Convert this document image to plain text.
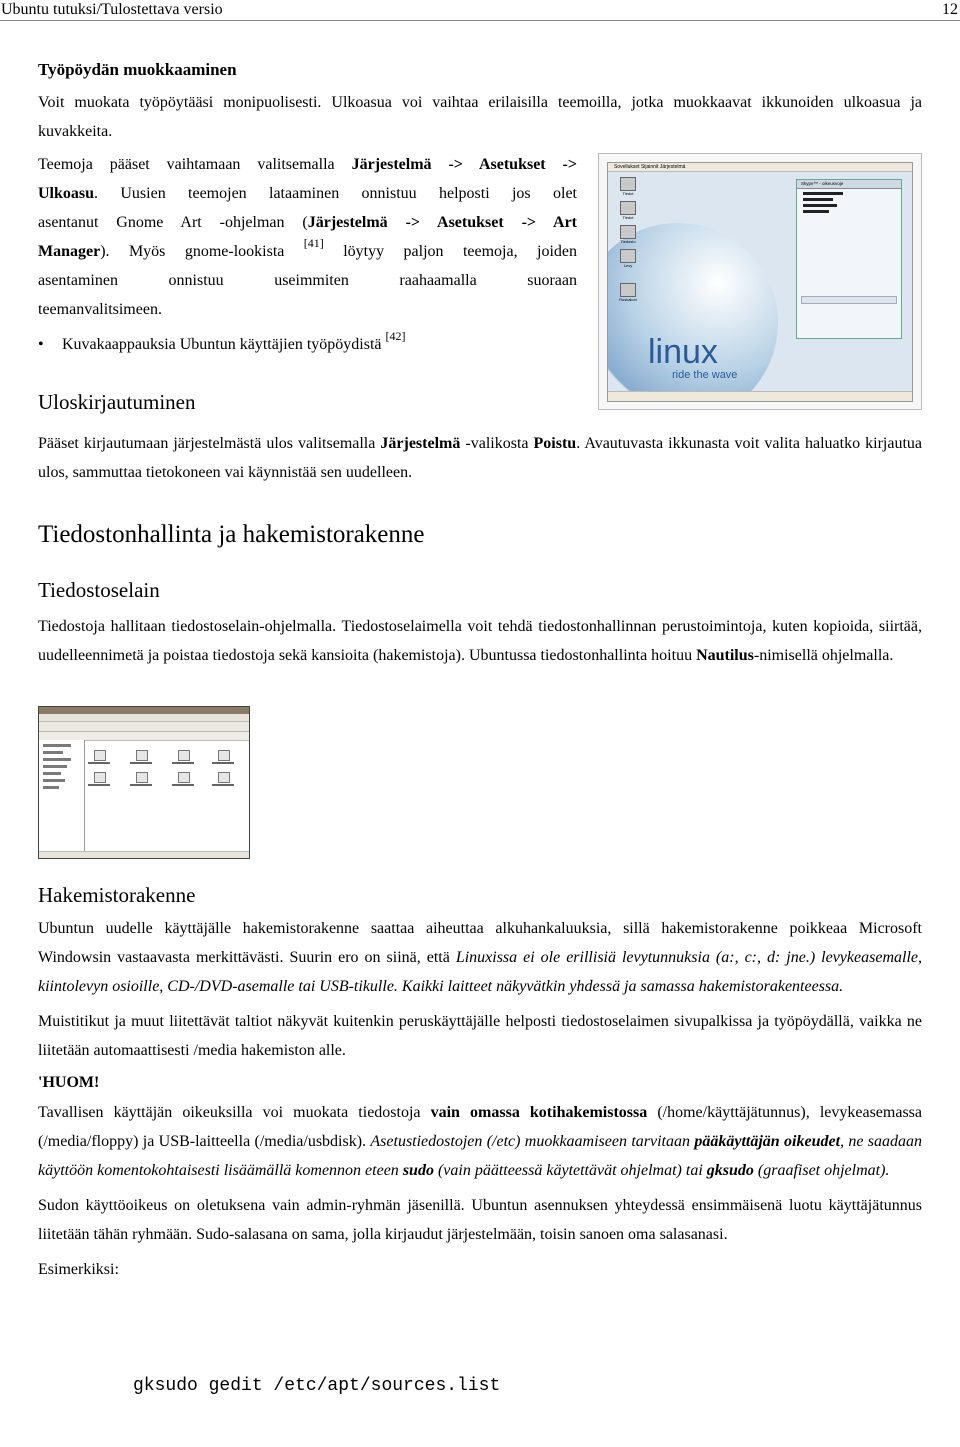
Ubuntu tutuksi/Tulostettava versio	12
Työpöydän muokkaaminen

Voit muokata työpöytääsi monipuolisesti. Ulkoasua voi vaihtaa erilaisilla teemoilla, jotka muokkaavat ikkunoiden ulkoasua ja kuvakkeita.

Teemoja pääset vaihtamaan valitsemalla Järjestelmä -> Asetukset ->

Ulkoasu. Uusien teemojen lataaminen onnistuu helposti jos olet

asentanut Gnome Art -ohjelman (Järjestelmä -> Asetukset -> Art

Manager). Myös gnome-lookista [41] löytyy paljon teemoja, joiden

asentaminen onnistuu useimmiten raahaamalla suoraan

teemanvalitsimeen.

• Kuvakaappauksia Ubuntun käyttäjien työpöydistä [42]
Sovellukset Sijainnit Järjestelmä
Tiedot
Tiedot
Tiedosto
Levy
Roskakori
Skype™ - oikeusvoje
linux
ride the wave
Uloskirjautuminen

Pääset kirjautumaan järjestelmästä ulos valitsemalla Järjestelmä -valikosta Poistu. Avautuvasta ikkunasta voit valita haluatko kirjautua ulos, sammuttaa tietokoneen vai käynnistää sen uudelleen.

Tiedostonhallinta ja hakemistorakenne
Tiedostoselain

Tiedostoja hallitaan tiedostoselain-ohjelmalla. Tiedostoselaimella voit tehdä tiedostonhallinnan perustoimintoja, kuten kopioida, siirtää, uudelleennimetä ja poistaa tiedostoja sekä kansioita (hakemistoja). Ubuntussa tiedostonhallinta hoituu Nautilus-nimisellä ohjelmalla.

Hakemistorakenne

Ubuntun uudelle käyttäjälle hakemistorakenne saattaa aiheuttaa alkuhankaluuksia, sillä hakemistorakenne poikkeaa Microsoft Windowsin vastaavasta merkittävästi. Suurin ero on siinä, että Linuxissa ei ole erillisiä levytunnuksia (a:, c:, d: jne.) levykeasemalle, kiintolevyn osioille, CD-/DVD-asemalle tai USB-tikulle. Kaikki laitteet näkyvätkin yhdessä ja samassa hakemistorakenteessa.

Muistitikut ja muut liitettävät taltiot näkyvät kuitenkin peruskäyttäjälle helposti tiedostoselaimen sivupalkissa ja työpöydällä, vaikka ne liitetään automaattisesti /media hakemiston alle.

'HUOM!

Tavallisen käyttäjän oikeuksilla voi muokata tiedostoja vain omassa kotihakemistossa (/home/käyttäjätunnus), levykeasemassa (/media/floppy) ja USB-laitteella (/media/usbdisk). Asetustiedostojen (/etc) muokkaamiseen tarvitaan pääkäyttäjän oikeudet, ne saadaan käyttöön komentokohtaisesti lisäämällä komennon eteen sudo (vain päätteessä käytettävät ohjelmat) tai gksudo (graafiset ohjelmat).

Sudon käyttöoikeus on oletuksena vain admin-ryhmän jäsenillä. Ubuntun asennuksen yhteydessä ensimmäisenä luotu käyttäjätunnus liitetään tähän ryhmään. Sudo-salasana on sama, jolla kirjaudut järjestelmään, toisin sanoen oma salasanasi.

Esimerkiksi:

gksudo gedit /etc/apt/sources.list
